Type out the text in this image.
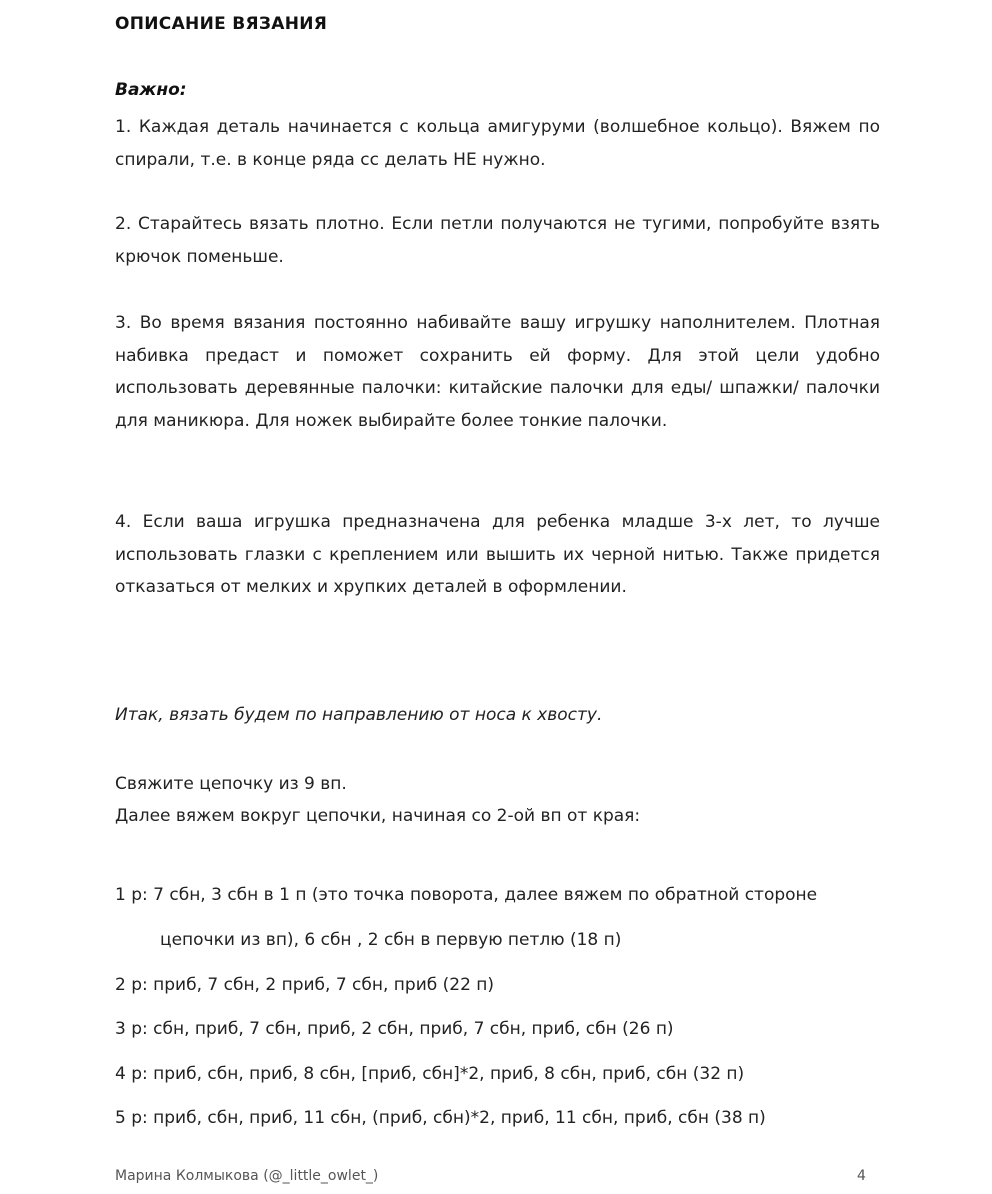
ОПИСАНИЕ ВЯЗАНИЯ
Важно:
1. Каждая деталь начинается с кольца амигуруми (волшебное кольцо). Вяжем по спирали, т.е. в конце ряда сс делать НЕ нужно.
2. Старайтесь вязать плотно. Если петли получаются не тугими, попробуйте взять крючок поменьше.
3. Во время вязания постоянно набивайте вашу игрушку наполнителем. Плотная набивка предаст и поможет сохранить ей форму. Для этой цели удобно использовать деревянные палочки: китайские палочки для еды/ шпажки/ палочки для маникюра. Для ножек выбирайте более тонкие палочки.
4. Если ваша игрушка предназначена для ребенка младше 3-х лет, то лучше использовать глазки с креплением или вышить их черной нитью. Также придется отказаться от мелких и хрупких деталей в оформлении.
Итак, вязать будем по направлению от носа к хвосту.
Свяжите цепочку из 9 вп.
Далее вяжем вокруг цепочки, начиная со 2-ой вп от края:
1 р: 7 сбн, 3 сбн в 1 п (это точка поворота, далее вяжем по обратной стороне
цепочки из вп), 6 сбн , 2 сбн в первую петлю (18 п)
2 р: приб, 7 сбн, 2 приб, 7 сбн, приб (22 п)
3 р: сбн, приб, 7 сбн, приб, 2 сбн, приб, 7 сбн, приб, сбн (26 п)
4 р: приб, сбн, приб, 8 сбн, [приб, сбн]*2, приб, 8 сбн, приб, сбн (32 п)
5 р: приб, сбн, приб, 11 сбн, (приб, сбн)*2, приб, 11 сбн, приб, сбн (38 п)
Марина Колмыкова (@_little_owlet_)	4
